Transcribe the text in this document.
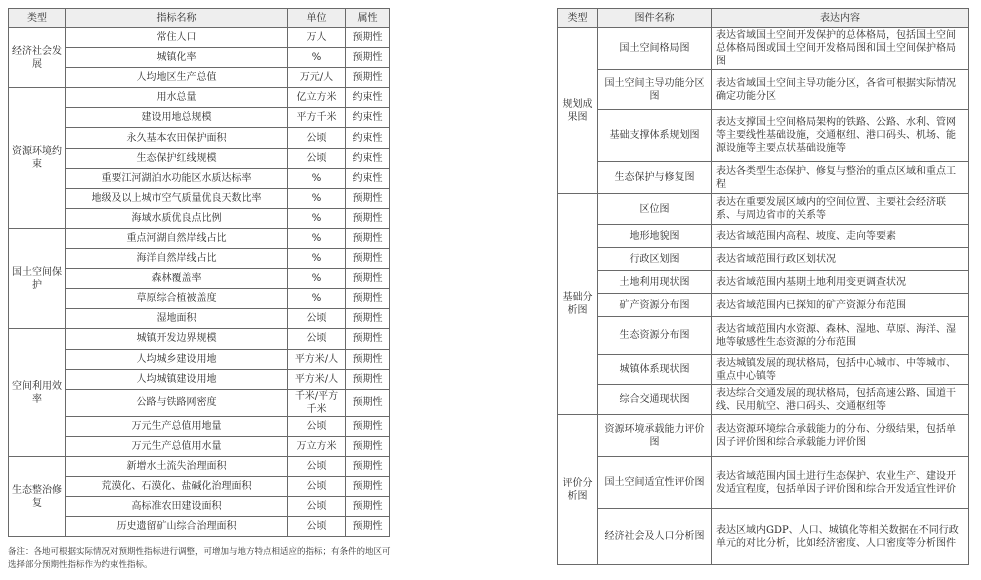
类型	指标名称	单位	属性
经济社会发展	常住人口	万人	预期性
	城镇化率	%	预期性
	人均地区生产总值	万元/人	预期性
资源环境约束	用水总量	亿立方米	约束性
	建设用地总规模	平方千米	约束性
	永久基本农田保护面积	公顷	约束性
	生态保护红线规模	公顷	约束性
	重要江河湖泊水功能区水质达标率	%	约束性
	地级及以上城市空气质量优良天数比率	%	预期性
	海域水质优良点比例	%	预期性
国土空间保护	重点河湖自然岸线占比	%	预期性
	海洋自然岸线占比	%	预期性
	森林覆盖率	%	预期性
	草原综合植被盖度	%	预期性
	湿地面积	公顷	预期性
空间利用效率	城镇开发边界规模	公顷	预期性
	人均城乡建设用地	平方米/人	预期性
	人均城镇建设用地	平方米/人	预期性
	公路与铁路网密度	千米/平方千米	预期性
	万元生产总值用地量	公顷	预期性
	万元生产总值用水量	万立方米	预期性
生态整治修复	新增水土流失治理面积	公顷	预期性
	荒漠化、石漠化、盐碱化治理面积	公顷	预期性
	高标准农田建设面积	公顷	预期性
	历史遗留矿山综合治理面积	公顷	预期性
备注：各地可根据实际情况对预期性指标进行调整，可增加与地方特点相适应的指标；有条件的地区可选择部分预期性指标作为约束性指标。
类型	图件名称	表达内容
规划成果图	国土空间格局图	表达省域国土空间开发保护的总体格局，包括国土空间总体格局图或国土空间开发格局图和国土空间保护格局图
	国土空间主导功能分区图	表达省域国土空间主导功能分区，各省可根据实际情况确定功能分区
	基础支撑体系规划图	表达支撑国土空间格局架构的铁路、公路、水利、管网等主要线性基础设施，交通枢纽、港口码头、机场、能源设施等主要点状基础设施等
	生态保护与修复图	表达各类型生态保护、修复与整治的重点区域和重点工程
基础分析图	区位图	表达在重要发展区域内的空间位置、主要社会经济联系、与周边省市的关系等
	地形地貌图	表达省域范围内高程、坡度、走向等要素
	行政区划图	表达省域范围行政区划状况
	土地利用现状图	表达省域范围内基期土地利用变更调查状况
	矿产资源分布图	表达省域范围内已探知的矿产资源分布范围
	生态资源分布图	表达省域范围内水资源、森林、湿地、草原、海洋、湿地等敏感性生态资源的分布范围
	城镇体系现状图	表达城镇发展的现状格局，包括中心城市、中等城市、重点中心镇等
	综合交通现状图	表达综合交通发展的现状格局，包括高速公路、国道干线、民用航空、港口码头、交通枢纽等
评价分析图	资源环境承载能力评价图	表达资源环境综合承载能力的分布、分级结果，包括单因子评价图和综合承载能力评价图
	国土空间适宜性评价图	表达省域范围内国土进行生态保护、农业生产、建设开发适宜程度，包括单因子评价图和综合开发适宜性评价
	经济社会及人口分析图	表达区域内GDP、人口、城镇化等相关数据在不同行政单元的对比分析，比如经济密度、人口密度等分析图件
